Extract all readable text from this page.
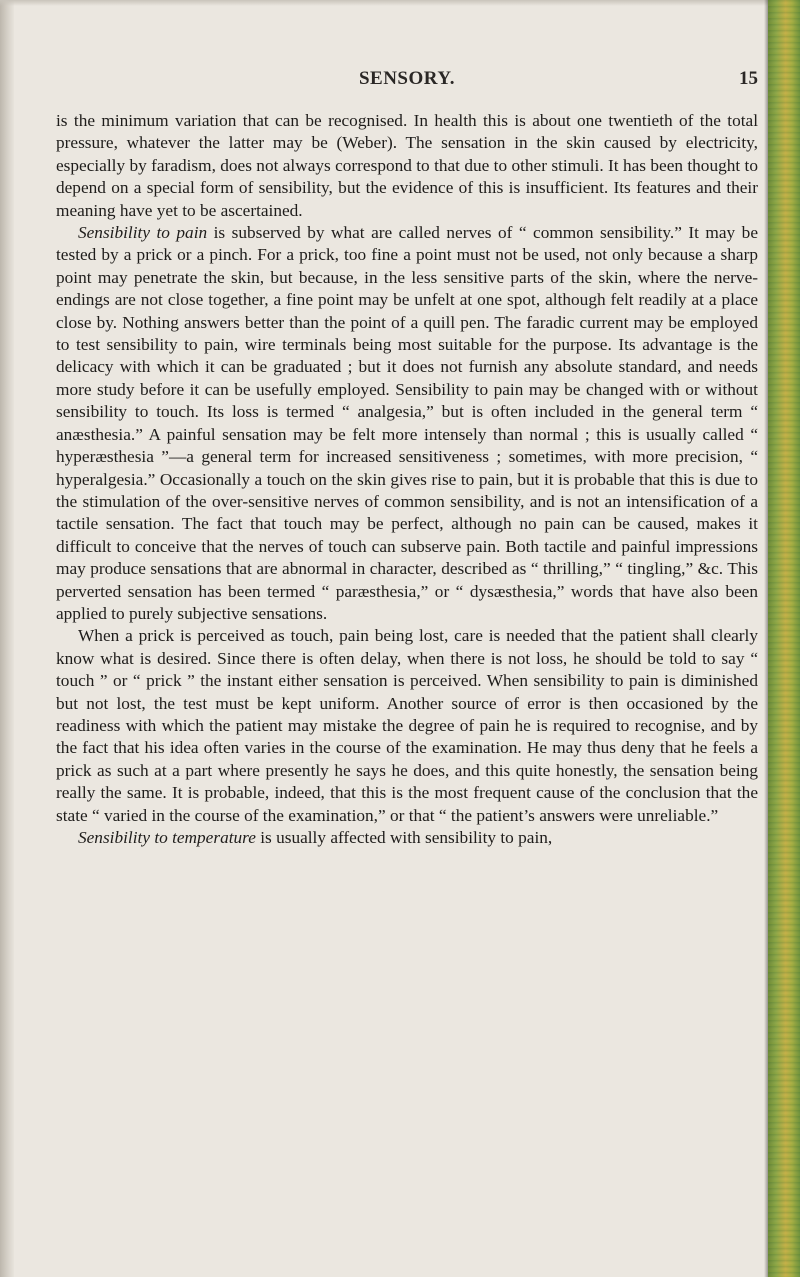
SENSORY.	15

is the minimum variation that can be recognised. In health this is about one twentieth of the total pressure, whatever the latter may be (Weber). The sensation in the skin caused by electricity, especially by faradism, does not always correspond to that due to other stimuli. It has been thought to depend on a special form of sensibility, but the evidence of this is insufficient. Its features and their meaning have yet to be ascertained.

Sensibility to pain is subserved by what are called nerves of “ common sensibility.” It may be tested by a prick or a pinch. For a prick, too fine a point must not be used, not only because a sharp point may penetrate the skin, but because, in the less sensitive parts of the skin, where the nerve-endings are not close together, a fine point may be unfelt at one spot, although felt readily at a place close by. Nothing answers better than the point of a quill pen. The faradic current may be employed to test sensibility to pain, wire terminals being most suitable for the purpose. Its advantage is the delicacy with which it can be graduated ; but it does not furnish any absolute standard, and needs more study before it can be usefully employed. Sensibility to pain may be changed with or without sensibility to touch. Its loss is termed “ analgesia,” but is often included in the general term “ anæsthesia.” A painful sensation may be felt more intensely than normal ; this is usually called “ hyperæsthesia ”—a general term for increased sensitiveness ; sometimes, with more precision, “ hyperalgesia.” Occasionally a touch on the skin gives rise to pain, but it is probable that this is due to the stimulation of the over-sensitive nerves of common sensibility, and is not an intensification of a tactile sensation. The fact that touch may be perfect, although no pain can be caused, makes it difficult to conceive that the nerves of touch can subserve pain. Both tactile and painful impressions may produce sensations that are abnormal in character, described as “ thrilling,” “ tingling,” &c. This perverted sensation has been termed “ paræsthesia,” or “ dysæsthesia,” words that have also been applied to purely subjective sensations.

When a prick is perceived as touch, pain being lost, care is needed that the patient shall clearly know what is desired. Since there is often delay, when there is not loss, he should be told to say “ touch ” or “ prick ” the instant either sensation is perceived. When sensibility to pain is diminished but not lost, the test must be kept uniform. Another source of error is then occasioned by the readiness with which the patient may mistake the degree of pain he is required to recognise, and by the fact that his idea often varies in the course of the examination. He may thus deny that he feels a prick as such at a part where presently he says he does, and this quite honestly, the sensation being really the same. It is probable, indeed, that this is the most frequent cause of the conclusion that the state “ varied in the course of the examination,” or that “ the patient’s answers were unreliable.”

Sensibility to temperature is usually affected with sensibility to pain,
